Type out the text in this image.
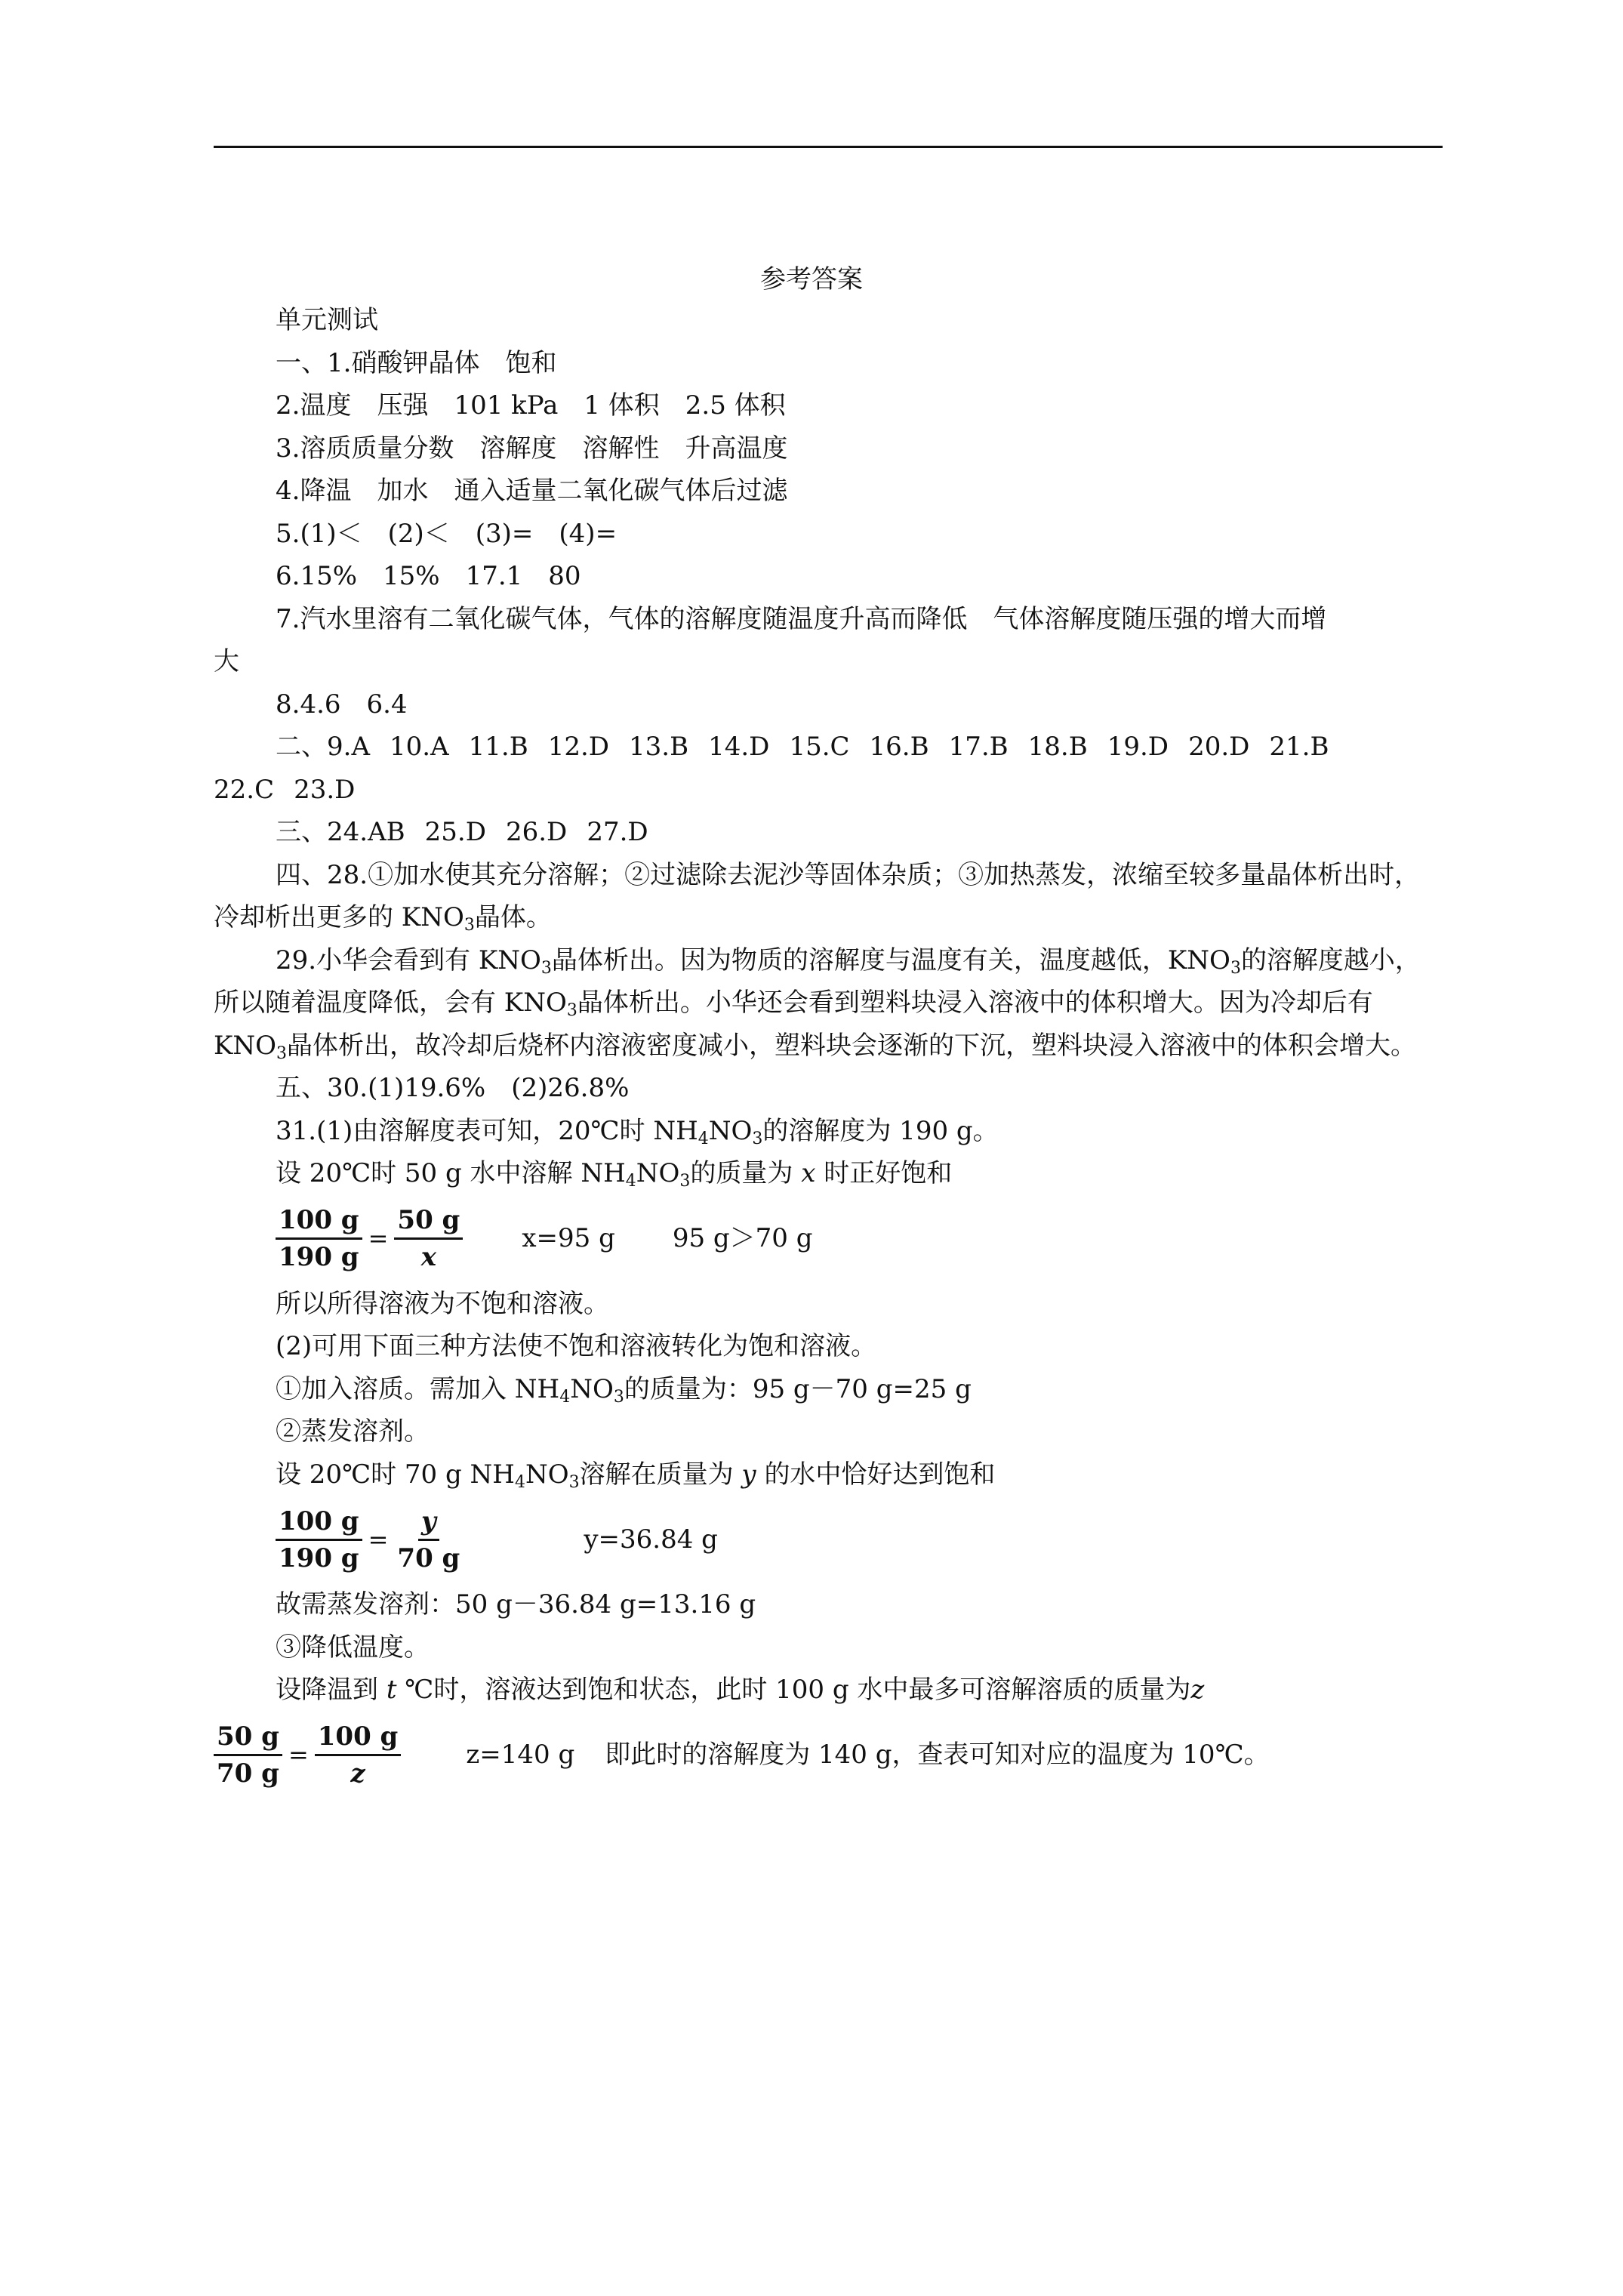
参考答案
单元测试
一、1.硝酸钾晶体　饱和
2.温度　压强　101 kPa　1 体积　2.5 体积
3.溶质质量分数　溶解度　溶解性　升高温度
4.降温　加水　通入适量二氧化碳气体后过滤
5.(1)＜　(2)＜　(3)=　(4)=
6.15%　15%　17.1　80
7.汽水里溶有二氧化碳气体，气体的溶解度随温度升高而降低　气体溶解度随压强的增大而增
大
8.4.6　6.4
二、9.A 10.A 11.B 12.D 13.B 14.D 15.C 16.B 17.B 18.B 19.D 20.D 21.B
22.C 23.D
三、24.AB 25.D 26.D 27.D
四、28.①加水使其充分溶解；②过滤除去泥沙等固体杂质；③加热蒸发，浓缩至较多量晶体析出时，冷却析出更多的 $KNO_3$晶体。
29.小华会看到有 $KNO_3$晶体析出。因为物质的溶解度与温度有关，温度越低，$KNO_3$的溶解度越小，所以随着温度降低，会有 $KNO_3$晶体析出。小华还会看到塑料块浸入溶液中的体积增大。因为冷却后有 $KNO_3$晶体析出，故冷却后烧杯内溶液密度减小，塑料块会逐渐的下沉，塑料块浸入溶液中的体积会增大。
五、30.(1)19.6%　(2)26.8%
31.(1)由溶解度表可知，20℃时 $NH_4NO_3$的溶解度为 190 g。
设 20℃时 50 g 水中溶解 $NH_4NO_3$的质量为 x 时正好饱和
$\frac{100 g}{190 g} = \frac{50 g}{x} x=95$ g 95 g＞70 g
所以所得溶液为不饱和溶液。
(2)可用下面三种方法使不饱和溶液转化为饱和溶液。
①加入溶质。需加入 $NH_4NO_3$的质量为：95 g－70 g=25 g
②蒸发溶剂。
设 20℃时 70 g $NH_4NO_3$溶解在质量为 y 的水中恰好达到饱和
$\frac{100 g}{190 g} = \frac{y}{70 g}$	y=36.84 g
故需蒸发溶剂：50 g－36.84 g=13.16 g
③降低温度。
设降温到 t ℃时，溶液达到饱和状态，此时 100 g 水中最多可溶解溶质的质量为z
$\frac{50 g}{70 g} = \frac{100 g}{z}$	z=140 g 即此时的溶解度为 140 g，查表可知对应的温度为 10℃。
